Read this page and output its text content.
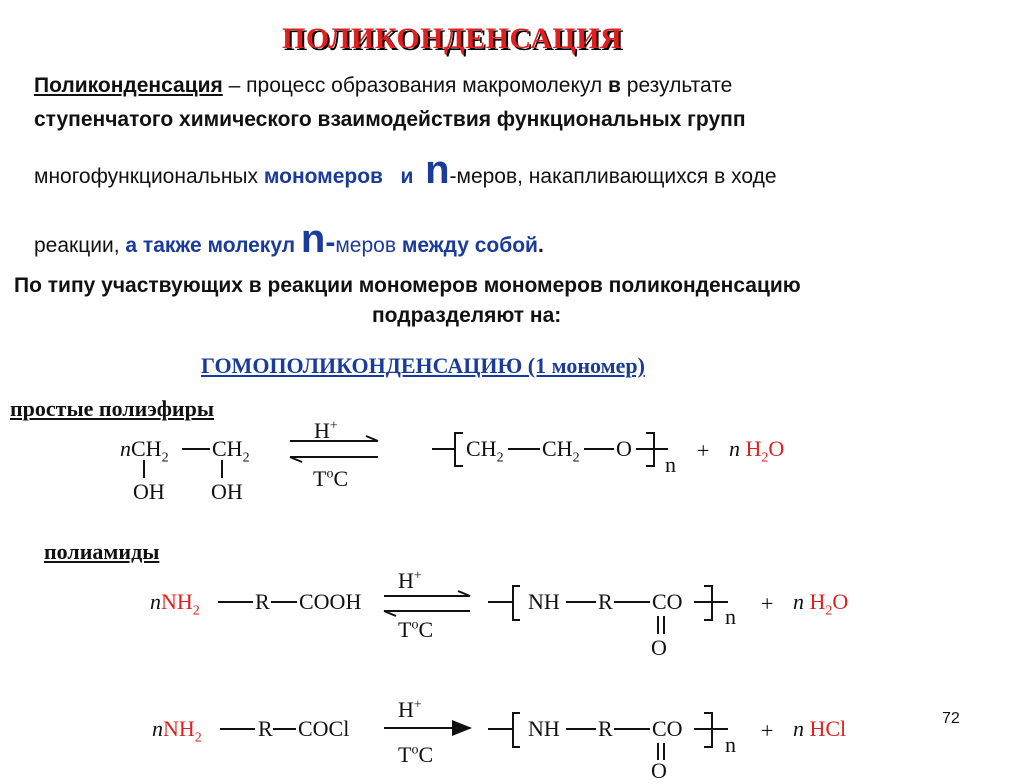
ПОЛИКОНДЕНСАЦИЯ
Поликонденсация – процесс образования макромолекул в результате
ступенчатого химического взаимодействия функциональных групп
многофункциональных мономеров и n-меров, накапливающихся в ходе
реакции, а также молекул n-меров между собой.
По типу участвующих в реакции мономеров мономеров поликонденсацию
подразделяют на:
ГОМОПОЛИКОНДЕНСАЦИЮ (1 мономер)
простые полиэфиры
nCH$_2$ $CH_2$
OH OH
H+
$T^oC$
$CH_2$ $CH_2$ O
n
+ n $H_2O$
полиамиды
nNH$_2$	R COOH
H+
$T^oC$
NH R CO
O
n
+ n $H_2O$
nNH$_2$	R COCl
H+
$T^oC$
NH R CO
O
n
+ n HCl	72
